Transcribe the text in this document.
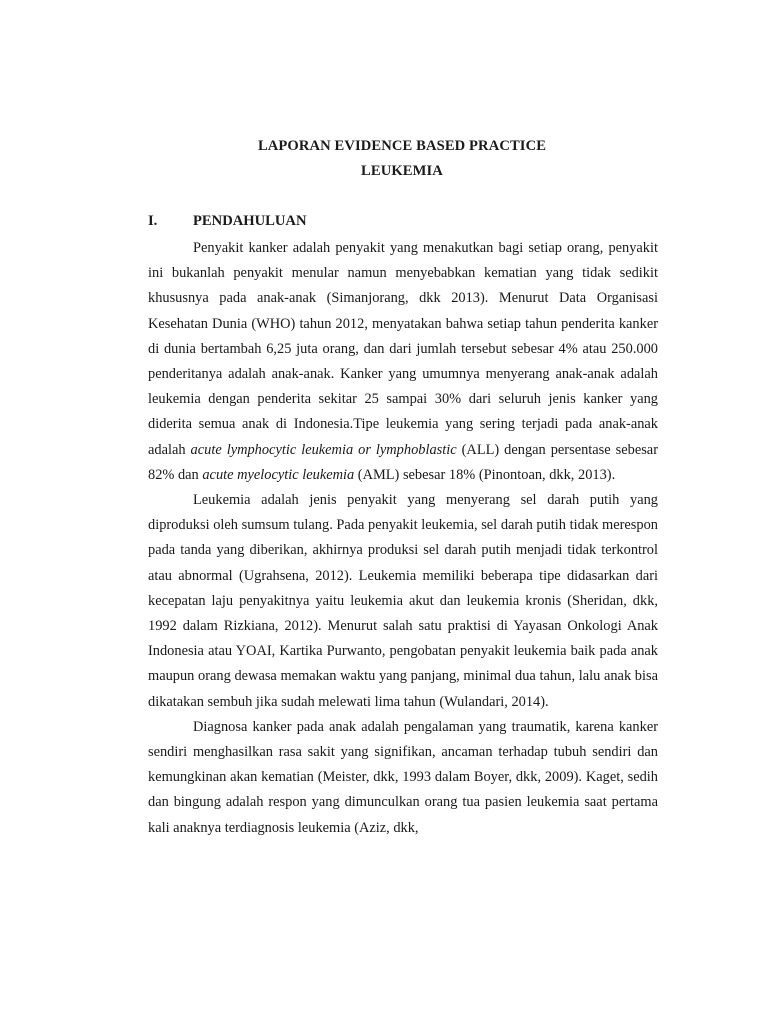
LAPORAN EVIDENCE BASED PRACTICE
LEUKEMIA
I. PENDAHULUAN

Penyakit kanker adalah penyakit yang menakutkan bagi setiap orang, penyakit ini bukanlah penyakit menular namun menyebabkan kematian yang tidak sedikit khususnya pada anak-anak (Simanjorang, dkk 2013). Menurut Data Organisasi Kesehatan Dunia (WHO) tahun 2012, menyatakan bahwa setiap tahun penderita kanker di dunia bertambah 6,25 juta orang, dan dari jumlah tersebut sebesar 4% atau 250.000 penderitanya adalah anak-anak. Kanker yang umumnya menyerang anak-anak adalah leukemia dengan penderita sekitar 25 sampai 30% dari seluruh jenis kanker yang diderita semua anak di Indonesia.Tipe leukemia yang sering terjadi pada anak-anak adalah acute lymphocytic leukemia or lymphoblastic (ALL) dengan persentase sebesar 82% dan acute myelocytic leukemia (AML) sebesar 18% (Pinontoan, dkk, 2013).

Leukemia adalah jenis penyakit yang menyerang sel darah putih yang diproduksi oleh sumsum tulang. Pada penyakit leukemia, sel darah putih tidak merespon pada tanda yang diberikan, akhirnya produksi sel darah putih menjadi tidak terkontrol atau abnormal (Ugrahsena, 2012). Leukemia memiliki beberapa tipe didasarkan dari kecepatan laju penyakitnya yaitu leukemia akut dan leukemia kronis (Sheridan, dkk, 1992 dalam Rizkiana, 2012). Menurut salah satu praktisi di Yayasan Onkologi Anak Indonesia atau YOAI, Kartika Purwanto, pengobatan penyakit leukemia baik pada anak maupun orang dewasa memakan waktu yang panjang, minimal dua tahun, lalu anak bisa dikatakan sembuh jika sudah melewati lima tahun (Wulandari, 2014).

Diagnosa kanker pada anak adalah pengalaman yang traumatik, karena kanker sendiri menghasilkan rasa sakit yang signifikan, ancaman terhadap tubuh sendiri dan kemungkinan akan kematian (Meister, dkk, 1993 dalam Boyer, dkk, 2009). Kaget, sedih dan bingung adalah respon yang dimunculkan orang tua pasien leukemia saat pertama kali anaknya terdiagnosis leukemia (Aziz, dkk,
